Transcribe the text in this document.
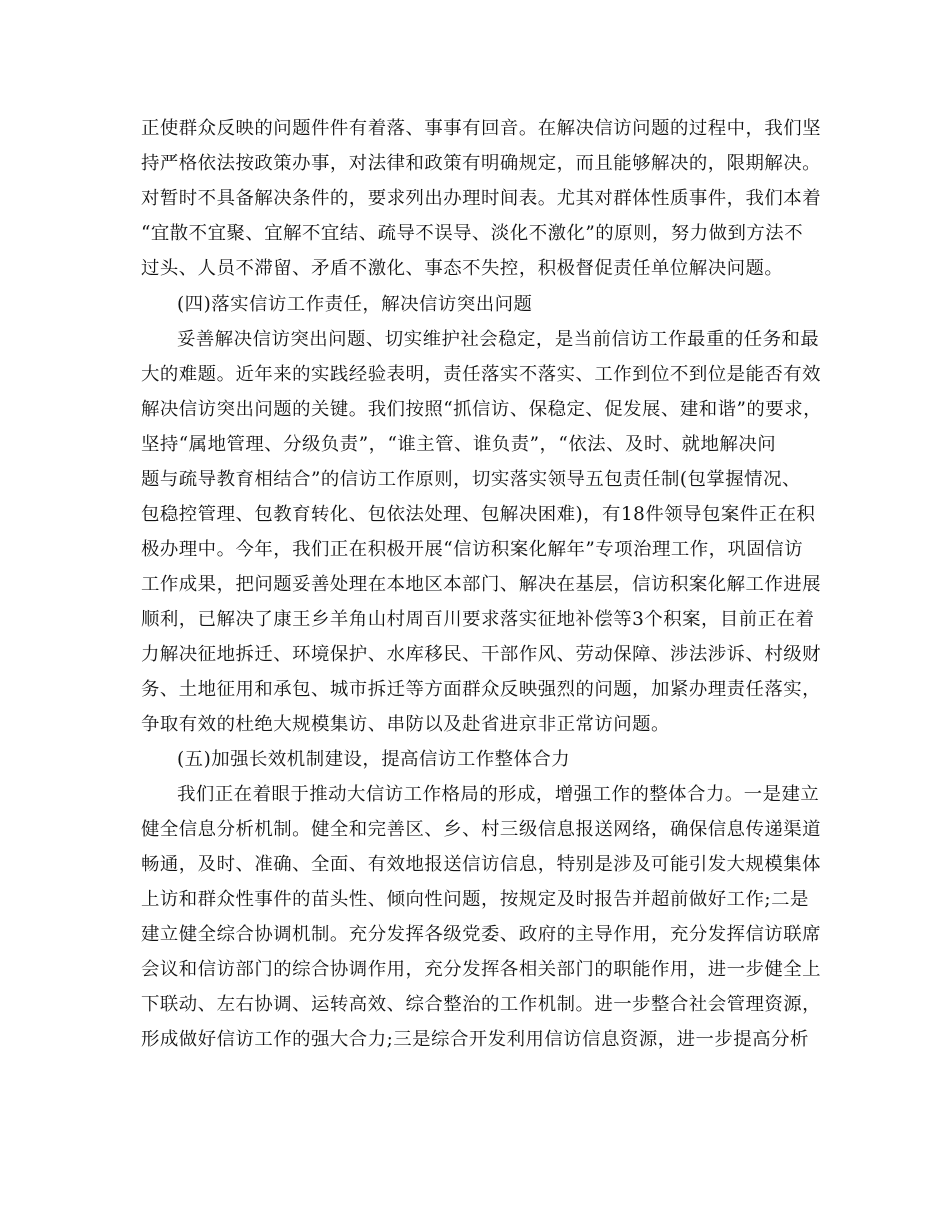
正使群众反映的问题件件有着落、事事有回音。在解决信访问题的过程中，我们坚
持严格依法按政策办事，对法律和政策有明确规定，而且能够解决的，限期解决。
对暂时不具备解决条件的，要求列出办理时间表。尤其对群体性质事件，我们本着
“宜散不宜聚、宜解不宜结、疏导不误导、淡化不激化”的原则，努力做到方法不
过头、人员不滞留、矛盾不激化、事态不失控，积极督促责任单位解决问题。
(四)落实信访工作责任，解决信访突出问题
妥善解决信访突出问题、切实维护社会稳定，是当前信访工作最重的任务和最
大的难题。近年来的实践经验表明，责任落实不落实、工作到位不到位是能否有效
解决信访突出问题的关键。我们按照“抓信访、保稳定、促发展、建和谐”的要求，
坚持“属地管理、分级负责”，“谁主管、谁负责”，“依法、及时、就地解决问
题与疏导教育相结合”的信访工作原则，切实落实领导五包责任制(包掌握情况、
包稳控管理、包教育转化、包依法处理、包解决困难)，有18件领导包案件正在积
极办理中。今年，我们正在积极开展“信访积案化解年”专项治理工作，巩固信访
工作成果，把问题妥善处理在本地区本部门、解决在基层，信访积案化解工作进展
顺利，已解决了康王乡羊角山村周百川要求落实征地补偿等3个积案，目前正在着
力解决征地拆迁、环境保护、水库移民、干部作风、劳动保障、涉法涉诉、村级财
务、土地征用和承包、城市拆迁等方面群众反映强烈的问题，加紧办理责任落实，
争取有效的杜绝大规模集访、串防以及赴省进京非正常访问题。
(五)加强长效机制建设，提高信访工作整体合力
我们正在着眼于推动大信访工作格局的形成，增强工作的整体合力。一是建立
健全信息分析机制。健全和完善区、乡、村三级信息报送网络，确保信息传递渠道
畅通，及时、准确、全面、有效地报送信访信息，特别是涉及可能引发大规模集体
上访和群众性事件的苗头性、倾向性问题，按规定及时报告并超前做好工作;二是
建立健全综合协调机制。充分发挥各级党委、政府的主导作用，充分发挥信访联席
会议和信访部门的综合协调作用，充分发挥各相关部门的职能作用，进一步健全上
下联动、左右协调、运转高效、综合整治的工作机制。进一步整合社会管理资源，
形成做好信访工作的强大合力;三是综合开发利用信访信息资源，进一步提高分析
